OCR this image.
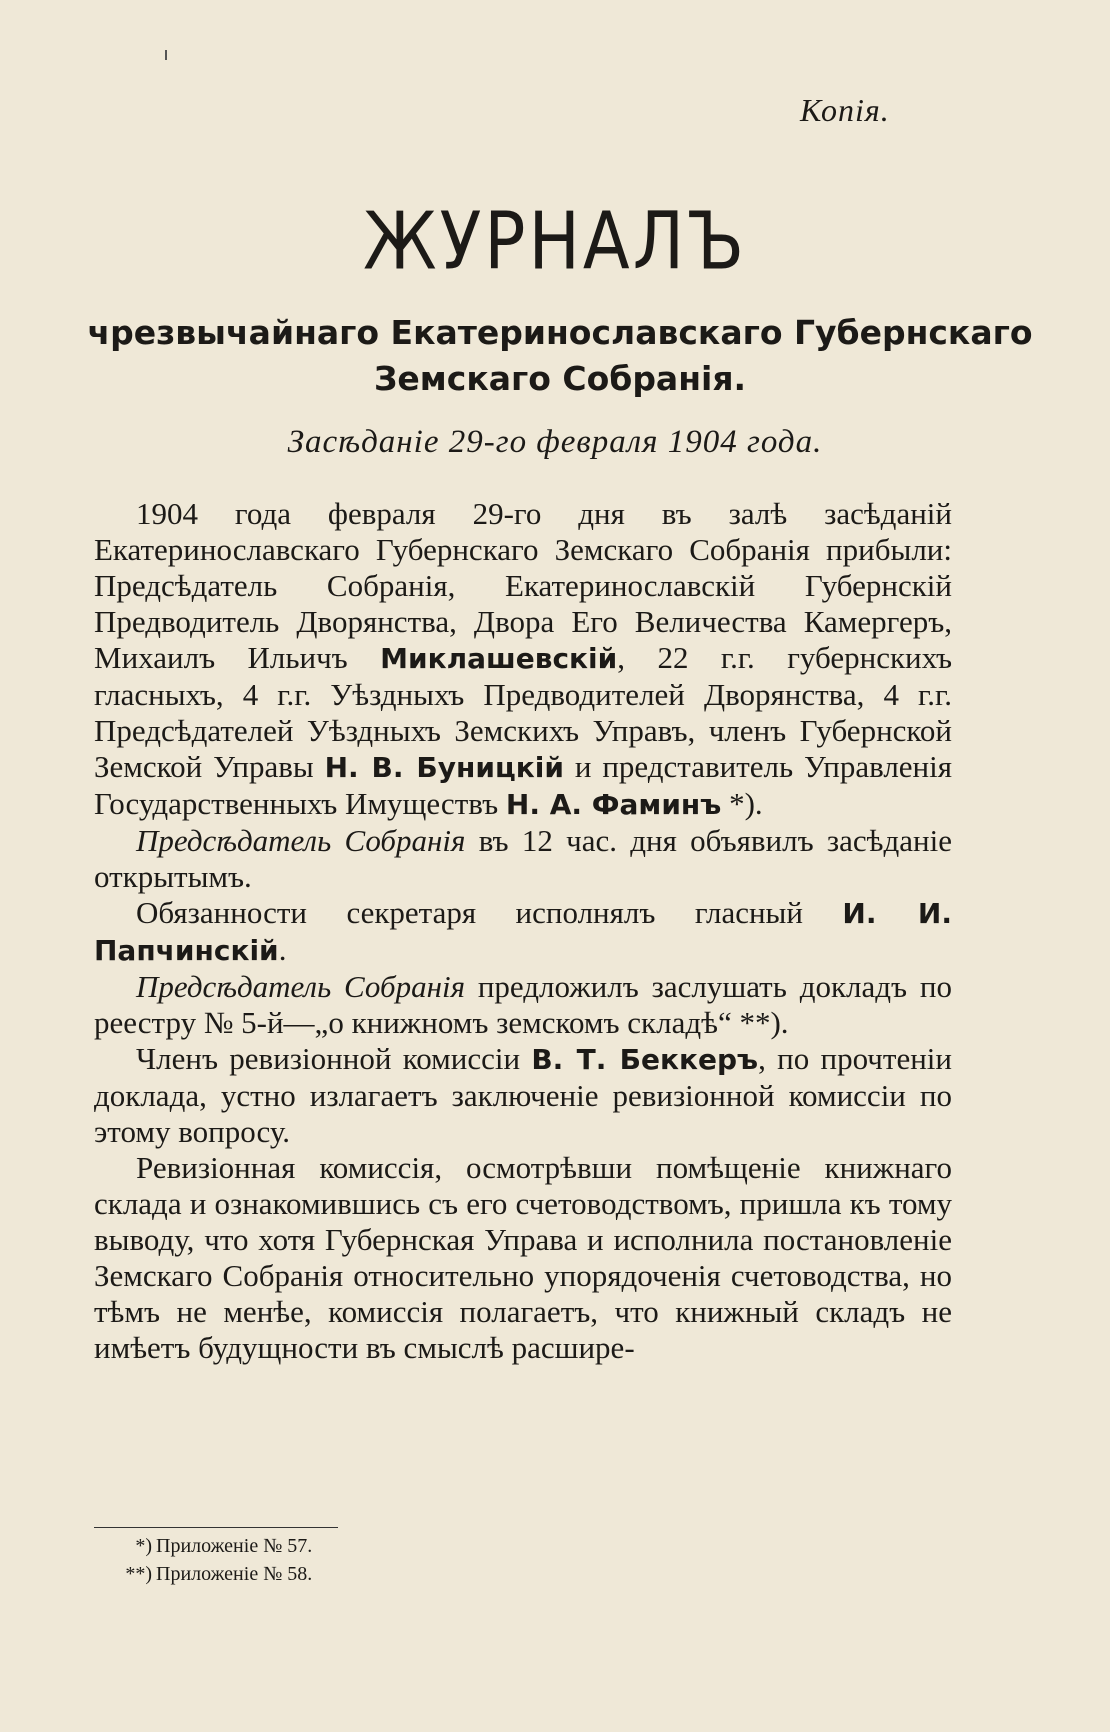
Копія.
ЖУРНАЛЪ
чрезвычайнаго Екатеринославскаго Губернскаго
Земскаго Собранія.
Засѣданіе 29-го февраля 1904 года.

1904 года февраля 29-го дня въ залѣ засѣданій Екатеринославскаго Губернскаго Земскаго Собранія прибыли: Предсѣдатель Собранія, Екатеринославскій Губернскій Предводитель Дворянства, Двора Его Величества Камергеръ, Михаилъ Ильичъ Миклашевскій, 22 г.г. губернскихъ гласныхъ, 4 г.г. Уѣздныхъ Предводителей Дворянства, 4 г.г. Предсѣдателей Уѣздныхъ Земскихъ Управъ, членъ Губернской Земской Управы Н. В. Буницкій и представитель Управленія Государственныхъ Имуществъ Н. А. Фаминъ *).

Предсѣдатель Собранія въ 12 час. дня объявилъ засѣданіе открытымъ.

Обязанности секретаря исполнялъ гласный И. И. Папчинскій.

Предсѣдатель Собранія предложилъ заслушать докладъ по реестру № 5-й—„о книжномъ земскомъ складѣ“ **).

Членъ ревизіонной комиссіи В. Т. Беккеръ, по прочтеніи доклада, устно излагаетъ заключеніе ревизіонной комиссіи по этому вопросу.

Ревизіонная комиссія, осмотрѣвши помѣщеніе книжнаго склада и ознакомившись съ его счетоводствомъ, пришла къ тому выводу, что хотя Губернская Управа и исполнила постановленіе Земскаго Собранія относительно упорядоченія счетоводства, но тѣмъ не менѣе, комиссія полагаетъ, что книжный складъ не имѣетъ будущности въ смыслѣ расшире-

*) Приложеніе № 57.
**) Приложеніе № 58.
